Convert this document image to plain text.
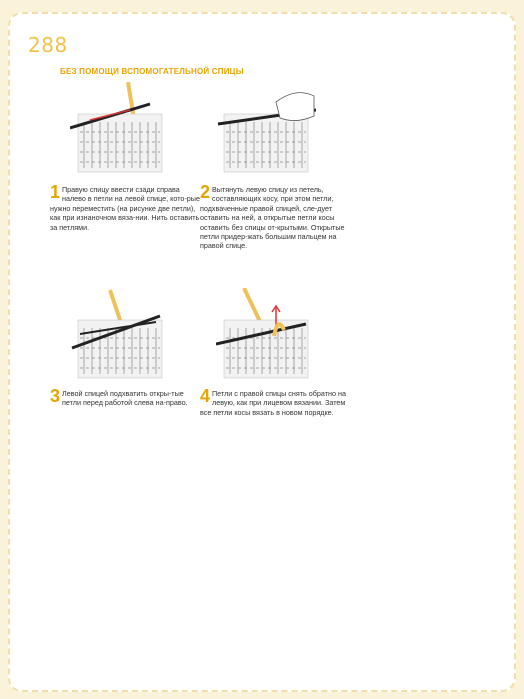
288
БЕЗ ПОМОЩИ ВСПОМОГАТЕЛЬНОЙ СПИЦЫ
1 Правую спицу ввести сзади справа налево в петли на левой спице, кото-рые нужно переместить (на рисунке две петли), как при изнаночном вяза-нии. Нить оставить за петлями.
2 Вытянуть левую спицу из петель, составляющих косу, при этом петли, подхваченные правой спицей, сле-дует оставить на ней, а открытые петли косы оставить без спицы от-крытыми. Открытые петли придер-жать большим пальцем на правой спице.
3 Левой спицей подхватить откры-тые петли перед работой слева на-право. 4 Петли с правой спицы снять обратно на левую, как при лицевом вязании. Затем все петли косы вязать в новом порядке.
